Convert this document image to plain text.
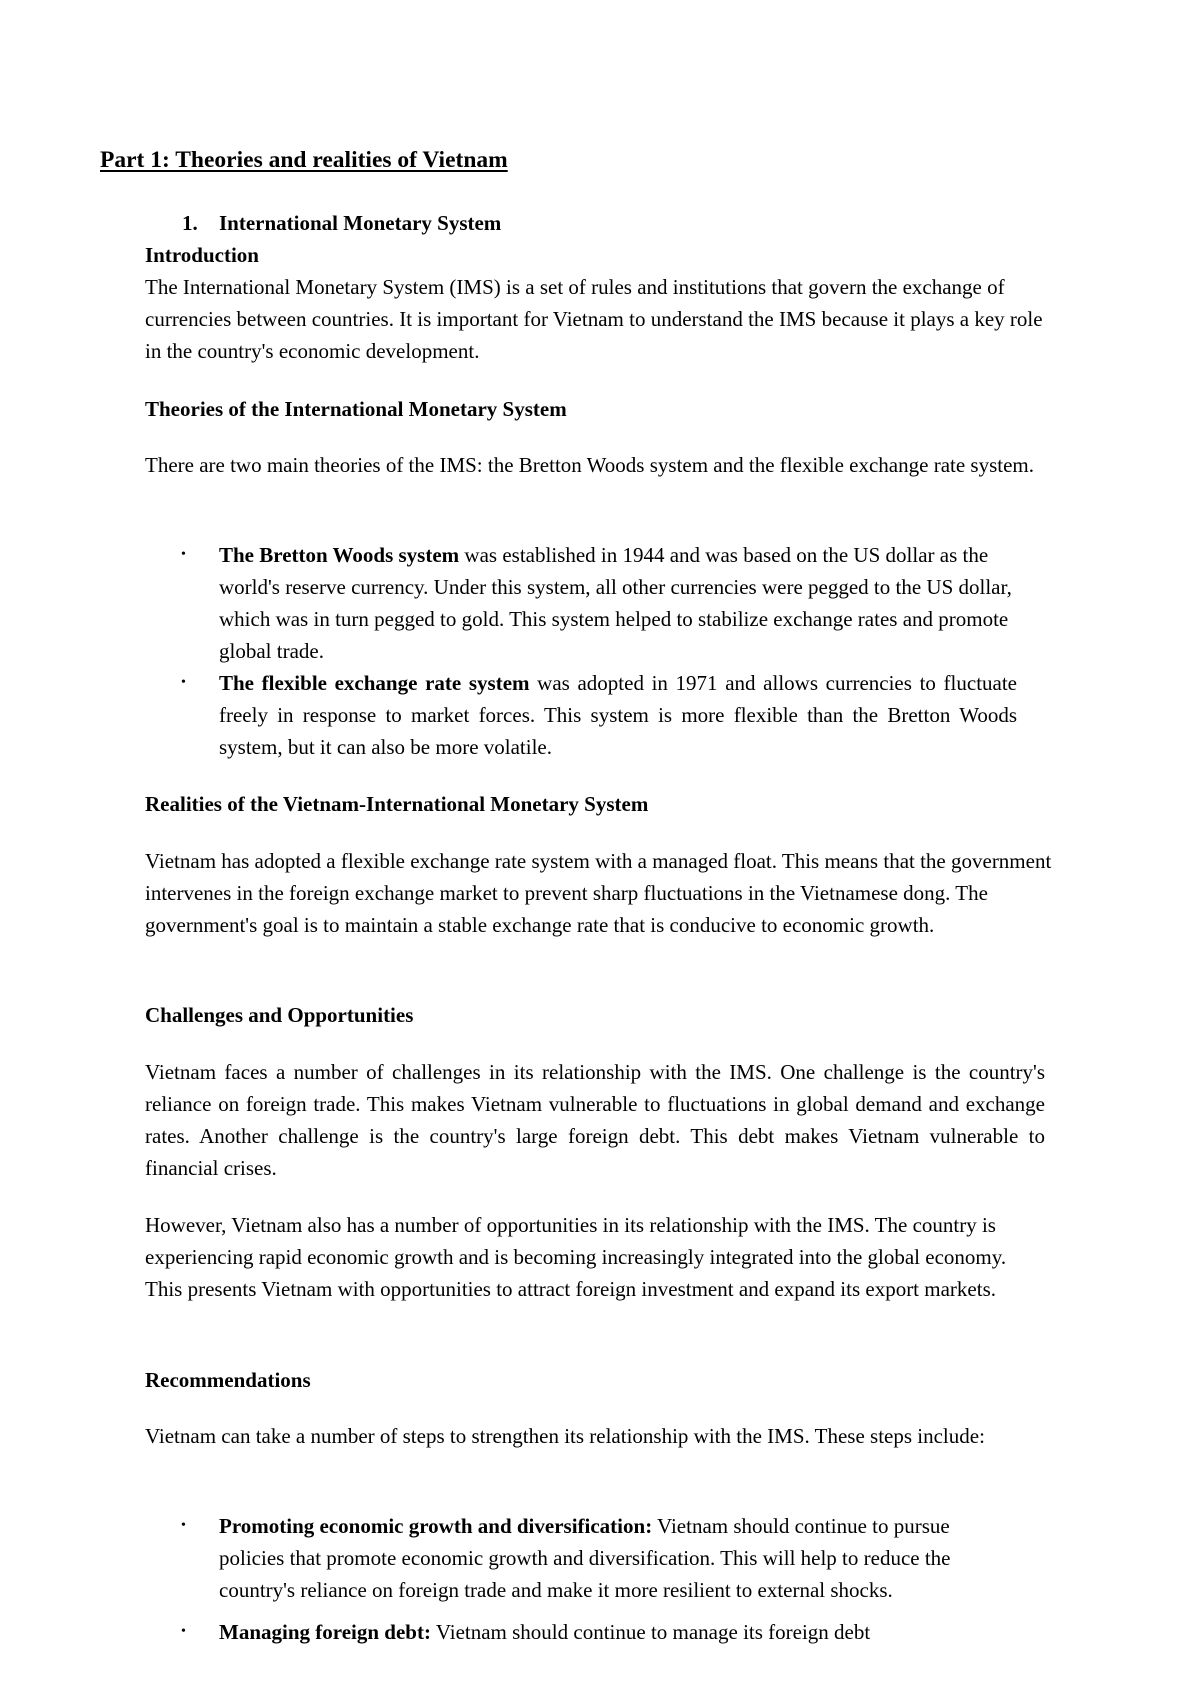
Part 1: Theories and realities of Vietnam
1. International Monetary System

Introduction

The International Monetary System (IMS) is a set of rules and institutions that govern the exchange of currencies between countries. It is important for Vietnam to understand the IMS because it plays a key role in the country's economic development.

Theories of the International Monetary System

There are two main theories of the IMS: the Bretton Woods system and the flexible exchange rate system.

• The Bretton Woods system was established in 1944 and was based on the US dollar as the world's reserve currency. Under this system, all other currencies were pegged to the US dollar, which was in turn pegged to gold. This system helped to stabilize exchange rates and promote global trade.
• The flexible exchange rate system was adopted in 1971 and allows currencies to fluctuate freely in response to market forces. This system is more flexible than the Bretton Woods system, but it can also be more volatile.

Realities of the Vietnam-International Monetary System

Vietnam has adopted a flexible exchange rate system with a managed float. This means that the government intervenes in the foreign exchange market to prevent sharp fluctuations in the Vietnamese dong. The government's goal is to maintain a stable exchange rate that is conducive to economic growth.

Challenges and Opportunities

Vietnam faces a number of challenges in its relationship with the IMS. One challenge is the country's reliance on foreign trade. This makes Vietnam vulnerable to fluctuations in global demand and exchange rates. Another challenge is the country's large foreign debt. This debt makes Vietnam vulnerable to financial crises.

However, Vietnam also has a number of opportunities in its relationship with the IMS. The country is experiencing rapid economic growth and is becoming increasingly integrated into the global economy. This presents Vietnam with opportunities to attract foreign investment and expand its export markets.

Recommendations

Vietnam can take a number of steps to strengthen its relationship with the IMS. These steps include:

• Promoting economic growth and diversification: Vietnam should continue to pursue policies that promote economic growth and diversification. This will help to reduce the country's reliance on foreign trade and make it more resilient to external shocks.
• Managing foreign debt: Vietnam should continue to manage its foreign debt
